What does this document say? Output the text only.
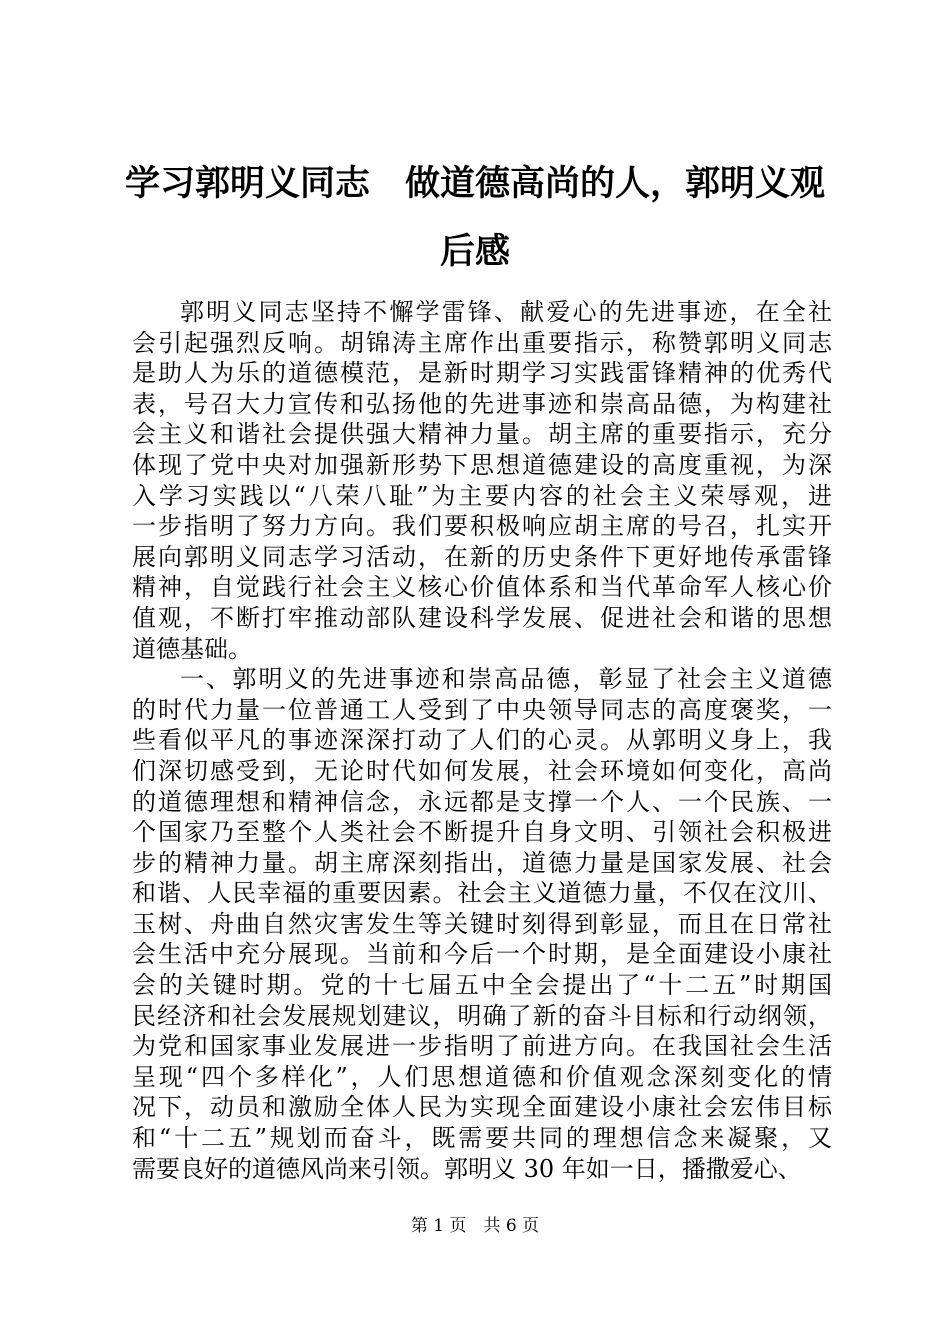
学习郭明义同志　做道德高尚的人，郭明义观
后感
郭明义同志坚持不懈学雷锋、献爱心的先进事迹，在全社
会引起强烈反响。胡锦涛主席作出重要指示，称赞郭明义同志
是助人为乐的道德模范，是新时期学习实践雷锋精神的优秀代
表，号召大力宣传和弘扬他的先进事迹和崇高品德，为构建社
会主义和谐社会提供强大精神力量。胡主席的重要指示，充分
体现了党中央对加强新形势下思想道德建设的高度重视，为深
入学习实践以“八荣八耻”为主要内容的社会主义荣辱观，进
一步指明了努力方向。我们要积极响应胡主席的号召，扎实开
展向郭明义同志学习活动，在新的历史条件下更好地传承雷锋
精神，自觉践行社会主义核心价值体系和当代革命军人核心价
值观，不断打牢推动部队建设科学发展、促进社会和谐的思想
道德基础。
一、郭明义的先进事迹和崇高品德，彰显了社会主义道德
的时代力量一位普通工人受到了中央领导同志的高度褒奖，一
些看似平凡的事迹深深打动了人们的心灵。从郭明义身上，我
们深切感受到，无论时代如何发展，社会环境如何变化，高尚
的道德理想和精神信念，永远都是支撑一个人、一个民族、一
个国家乃至整个人类社会不断提升自身文明、引领社会积极进
步的精神力量。胡主席深刻指出，道德力量是国家发展、社会
和谐、人民幸福的重要因素。社会主义道德力量，不仅在汶川、
玉树、舟曲自然灾害发生等关键时刻得到彰显，而且在日常社
会生活中充分展现。当前和今后一个时期，是全面建设小康社
会的关键时期。党的十七届五中全会提出了“十二五”时期国
民经济和社会发展规划建议，明确了新的奋斗目标和行动纲领，
为党和国家事业发展进一步指明了前进方向。在我国社会生活
呈现“四个多样化”，人们思想道德和价值观念深刻变化的情
况下，动员和激励全体人民为实现全面建设小康社会宏伟目标
和“十二五”规划而奋斗，既需要共同的理想信念来凝聚，又
需要良好的道德风尚来引领。郭明义 30 年如一日，播撒爱心、
第 1 页　共 6 页
